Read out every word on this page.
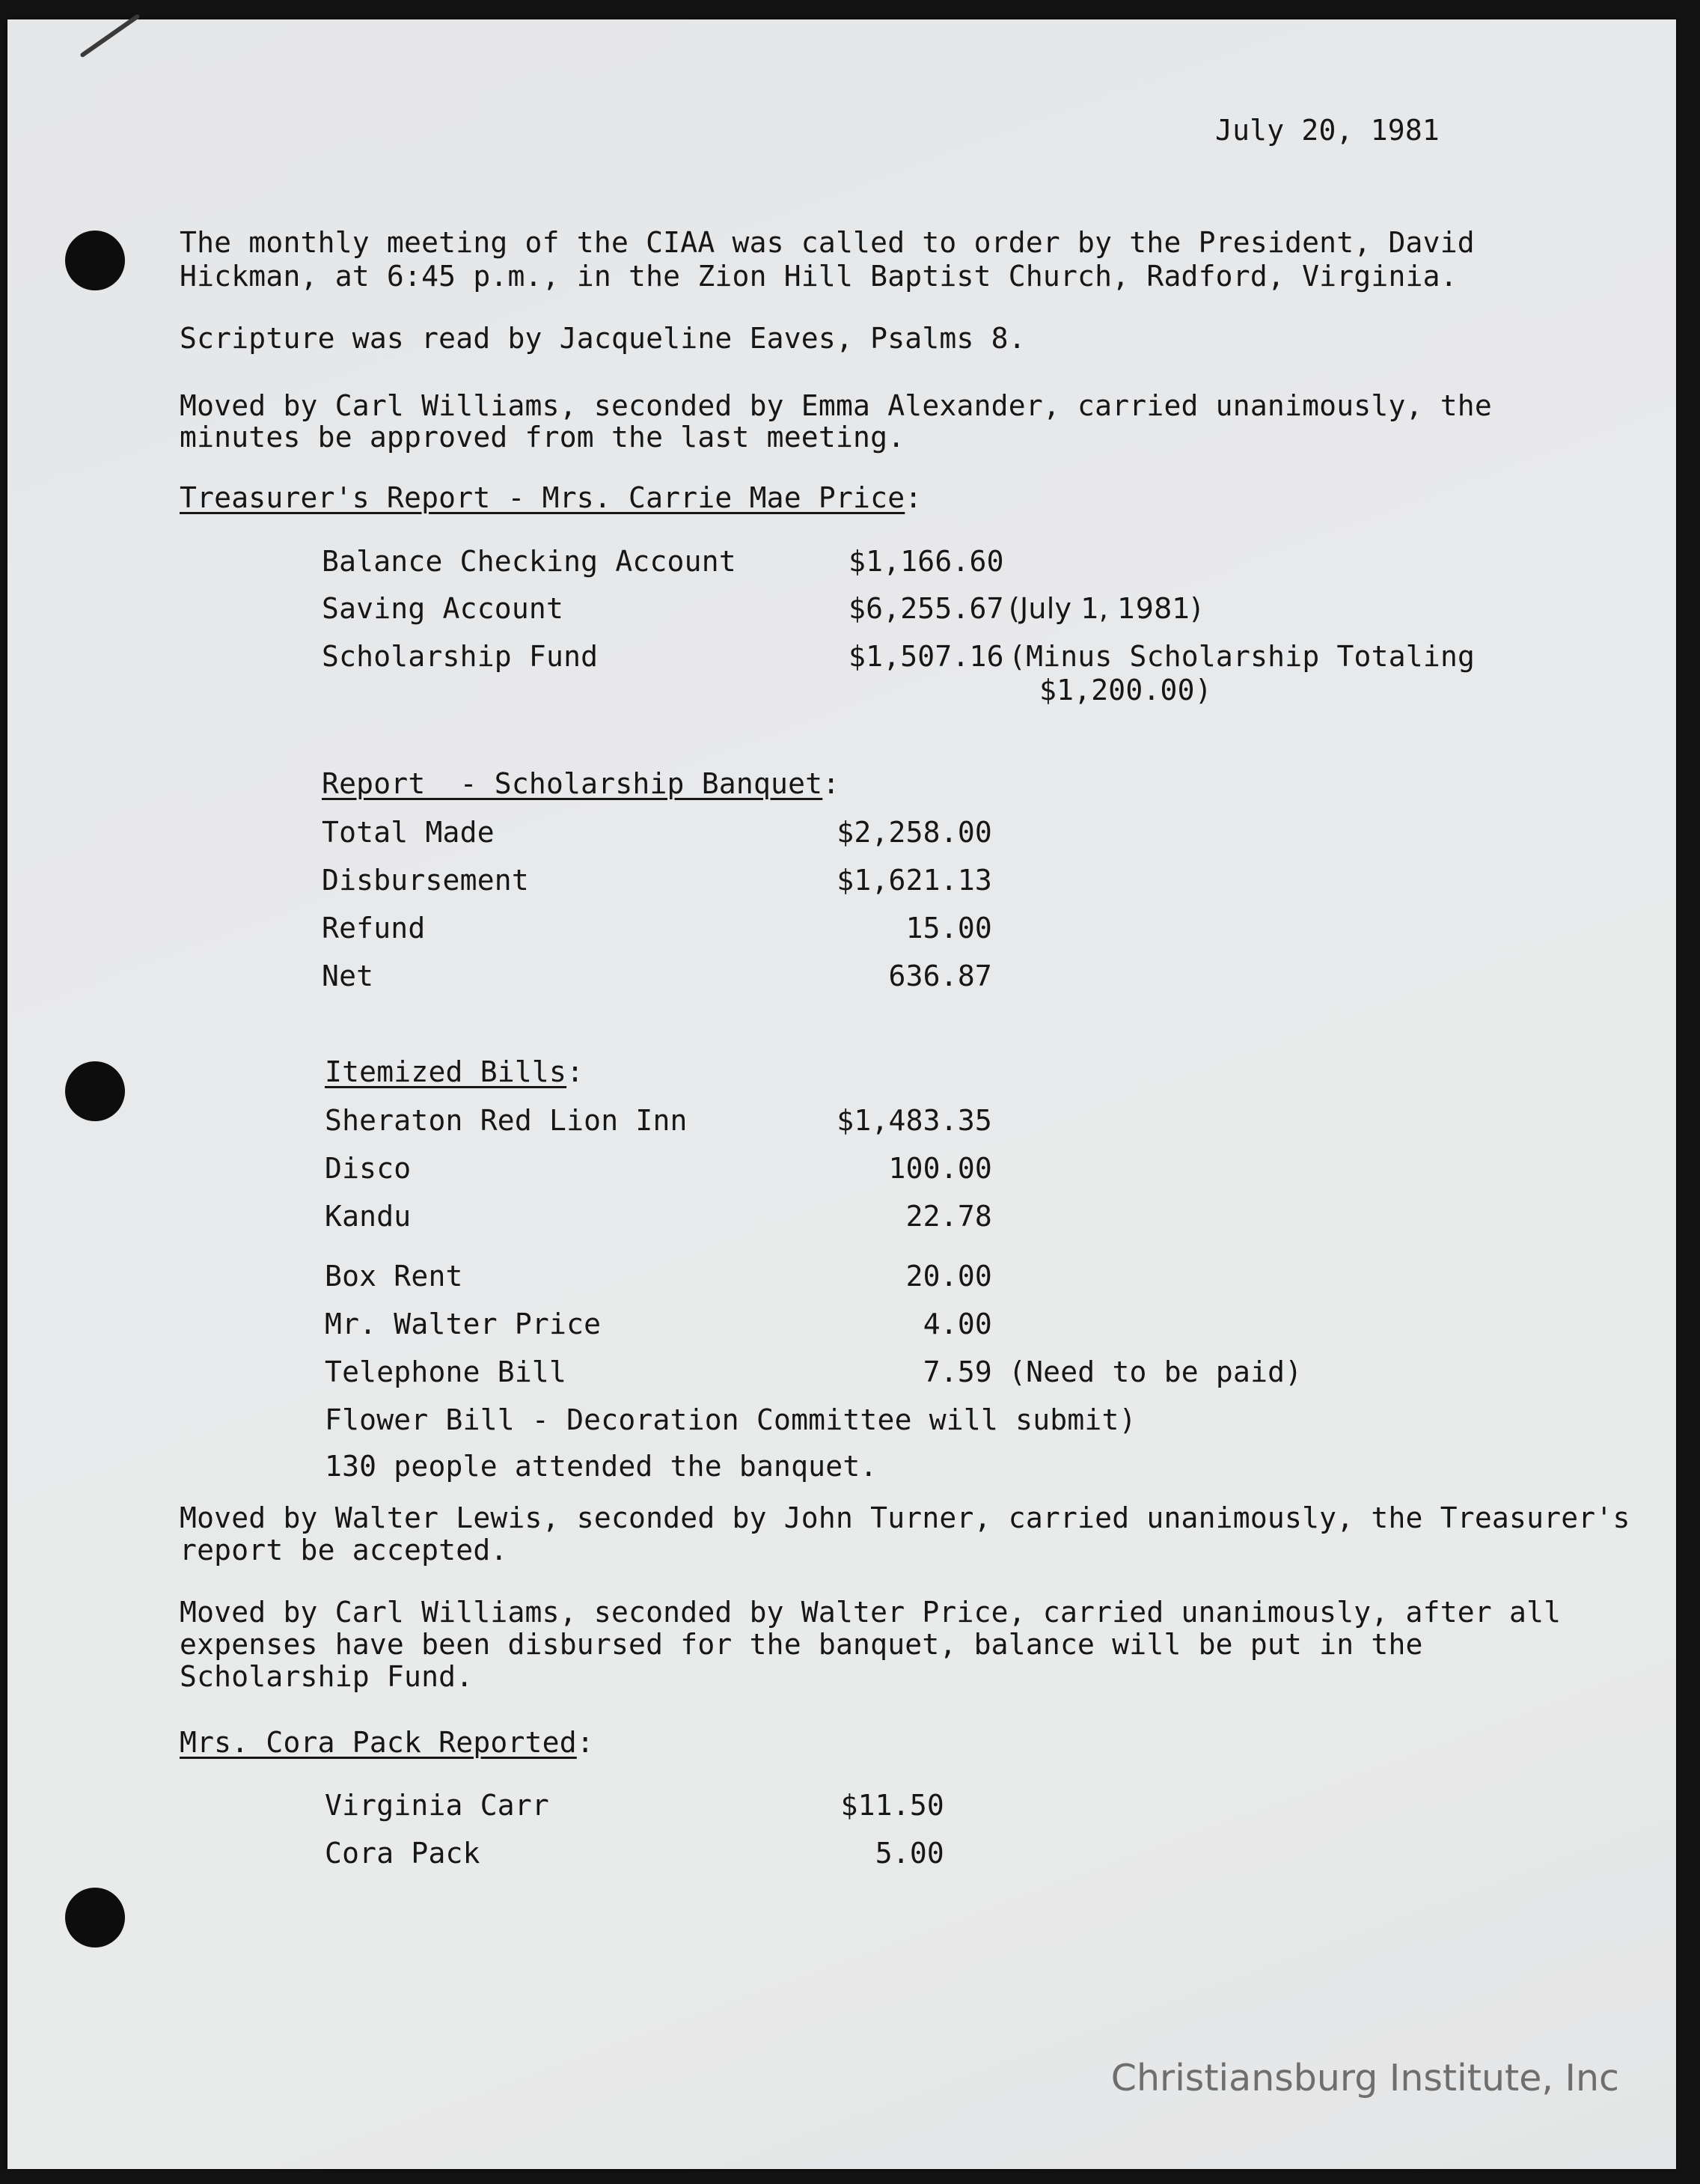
July 20, 1981
The monthly meeting of the CIAA was called to order by the President, David
Hickman, at 6:45 p.m., in the Zion Hill Baptist Church, Radford, Virginia.
Scripture was read by Jacqueline Eaves, Psalms 8.
Moved by Carl Williams, seconded by Emma Alexander, carried unanimously, the
minutes be approved from the last meeting.
Treasurer's Report - Mrs. Carrie Mae Price:
Balance Checking Account	$1,166.60
Saving Account	$6,255.67 (July 1, 1981)
Scholarship Fund	$1,507.16 (Minus Scholarship Totaling
$1,200.00)
Report  - Scholarship Banquet:
Total Made	$2,258.00
Disbursement	$1,621.13
Refund	15.00
Net	636.87
Itemized Bills:
Sheraton Red Lion Inn	$1,483.35
Disco	100.00
Kandu	22.78
Box Rent	20.00
Mr. Walter Price	4.00
Telephone Bill	7.59 (Need to be paid)
Flower Bill - Decoration Committee will submit)
130 people attended the banquet.
Moved by Walter Lewis, seconded by John Turner, carried unanimously, the Treasurer's
report be accepted.
Moved by Carl Williams, seconded by Walter Price, carried unanimously, after all
expenses have been disbursed for the banquet, balance will be put in the
Scholarship Fund.
Mrs. Cora Pack Reported:
Virginia Carr	$11.50
Cora Pack	5.00
Christiansburg Institute, Inc
